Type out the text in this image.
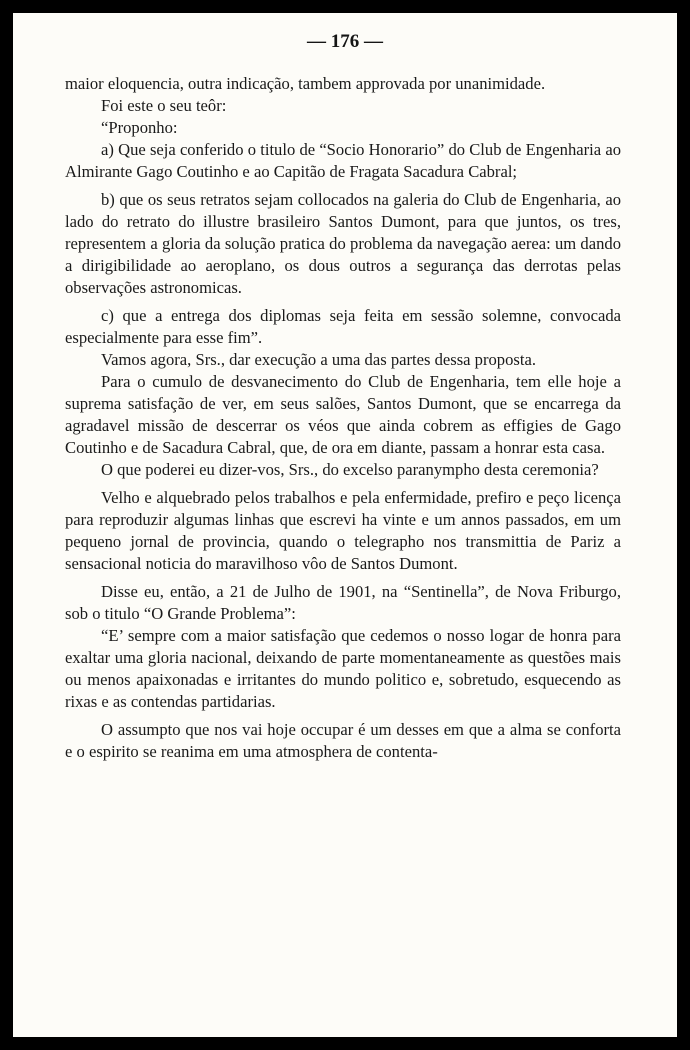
— 176 —

maior eloquencia, outra indicação, tambem approvada por unanimidade.

Foi este o seu teôr:

“Proponho:

a) Que seja conferido o titulo de “Socio Honorario” do Club de Engenharia ao Almirante Gago Coutinho e ao Capitão de Fragata Sacadura Cabral;

b) que os seus retratos sejam collocados na galeria do Club de Engenharia, ao lado do retrato do illustre brasileiro Santos Dumont, para que juntos, os tres, representem a gloria da solução pratica do problema da navegação aerea: um dando a dirigibilidade ao aeroplano, os dous outros a segurança das derrotas pelas observações astronomicas.

c) que a entrega dos diplomas seja feita em sessão solemne, convocada especialmente para esse fim”.

Vamos agora, Srs., dar execução a uma das partes dessa proposta.

Para o cumulo de desvanecimento do Club de Engenharia, tem elle hoje a suprema satisfação de ver, em seus salões, Santos Dumont, que se encarrega da agradavel missão de descerrar os véos que ainda cobrem as effigies de Gago Coutinho e de Sacadura Cabral, que, de ora em diante, passam a honrar esta casa.

O que poderei eu dizer-vos, Srs., do excelso paranympho desta ceremonia?

Velho e alquebrado pelos trabalhos e pela enfermidade, prefiro e peço licença para reproduzir algumas linhas que escrevi ha vinte e um annos passados, em um pequeno jornal de provincia, quando o telegrapho nos transmittia de Pariz a sensacional noticia do maravilhoso vôo de Santos Dumont.

Disse eu, então, a 21 de Julho de 1901, na “Sentinella”, de Nova Friburgo, sob o titulo “O Grande Problema”:

“E’ sempre com a maior satisfação que cedemos o nosso logar de honra para exaltar uma gloria nacional, deixando de parte momentaneamente as questões mais ou menos apaixonadas e irritantes do mundo politico e, sobretudo, esquecendo as rixas e as contendas partidarias.

O assumpto que nos vai hoje occupar é um desses em que a alma se conforta e o espirito se reanima em uma atmosphera de contenta-
